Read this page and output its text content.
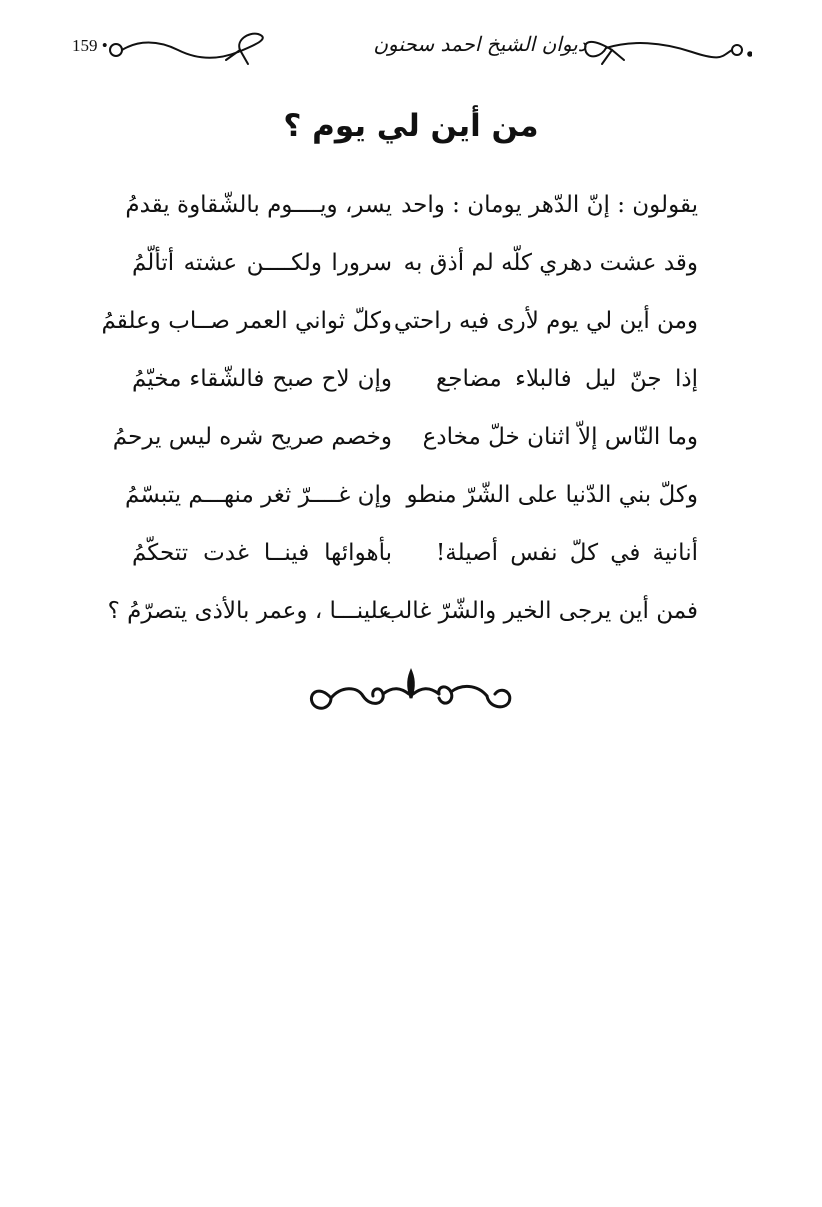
159 •	ديوان الشيخ احمد سحنون
من أين لي يوم ؟
يقولون : إنّ الدّهر يومان : واحد
يسر، ويــــوم بالشّقاوة يقدمُ
وقد عشت دهري كلّه لم أذق به
سرورا ولكــــن عشته أتألّمُ
ومن أين لي يوم لأرى فيه راحتي
وكلّ ثواني العمر صــاب وعلقمُ
إذا جنّ ليل فالبلاء مضاجع
وإن لاح صبح فالشّقاء مخيّمُ
وما النّاس إلاّ اثنان خلّ مخادع
وخصم صريح شره ليس يرحمُ
وكلّ بني الدّنيا على الشّرّ منطو
وإن غــــرّ ثغر منهـــم يتبسّمُ
أنانية في كلّ نفس أصيلة!
بأهوائها فينــا غدت تتحكّمُ
فمن أين يرجى الخير والشّرّ غالب
علينـــا ، وعمر بالأذى يتصرّمُ ؟
